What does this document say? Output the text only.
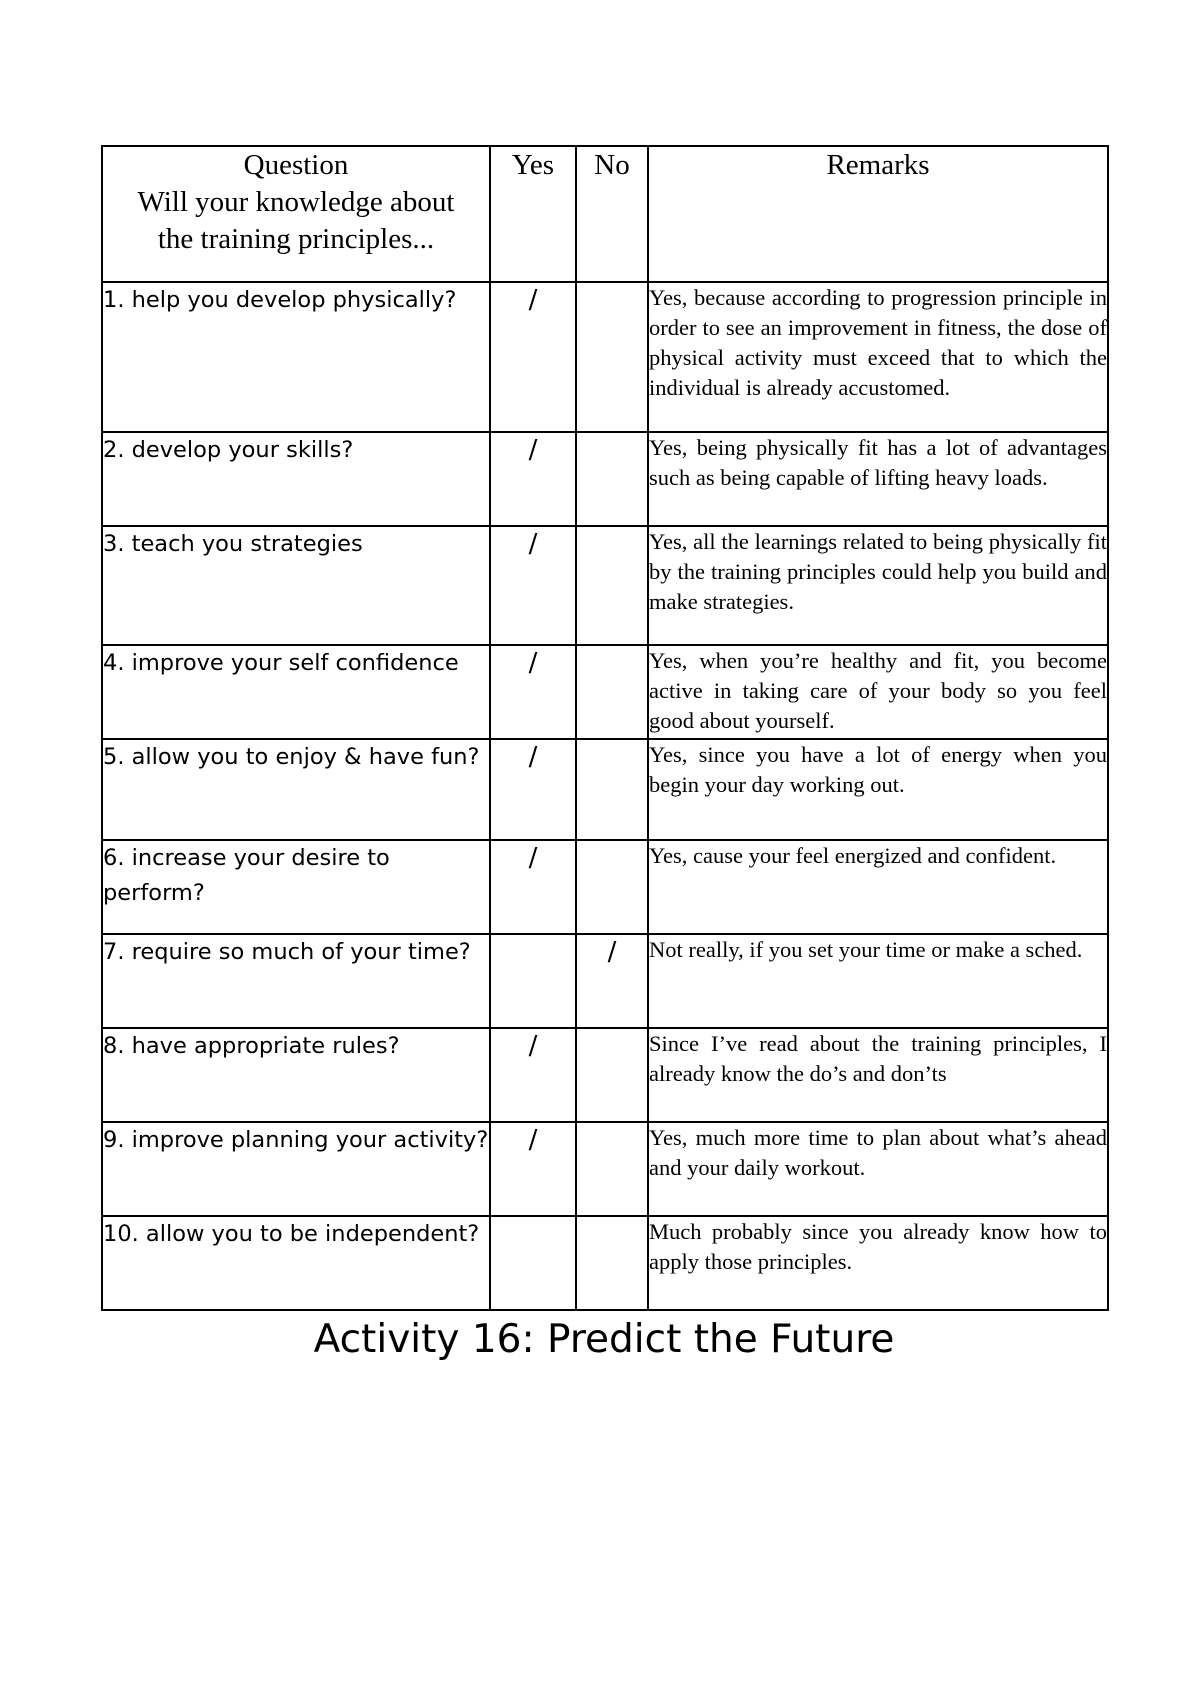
Question
Will your knowledge about
the training principles...	Yes	No	Remarks
1. help you develop physically?	/		Yes, because according to progression principle in order to see an improvement in fitness, the dose of physical activity must exceed that to which the individual is already accustomed.
2. develop your skills?	/		Yes, being physically fit has a lot of advantages such as being capable of lifting heavy loads.
3. teach you strategies	/		Yes, all the learnings related to being physically fit by the training principles could help you build and make strategies.
4. improve your self confidence	/		Yes, when you’re healthy and fit, you become active in taking care of your body so you feel good about yourself.
5. allow you to enjoy & have fun?	/		Yes, since you have a lot of energy when you begin your day working out.
6. increase your desire to perform?	/		Yes, cause your feel energized and confident.
7. require so much of your time?		/	Not really, if you set your time or make a sched.
8. have appropriate rules?	/		Since I’ve read about the training principles, I already know the do’s and don’ts
9. improve planning your activity?	/		Yes, much more time to plan about what’s ahead and your daily workout.
10. allow you to be independent?			Much probably since you already know how to apply those principles.
Activity 16: Predict the Future
